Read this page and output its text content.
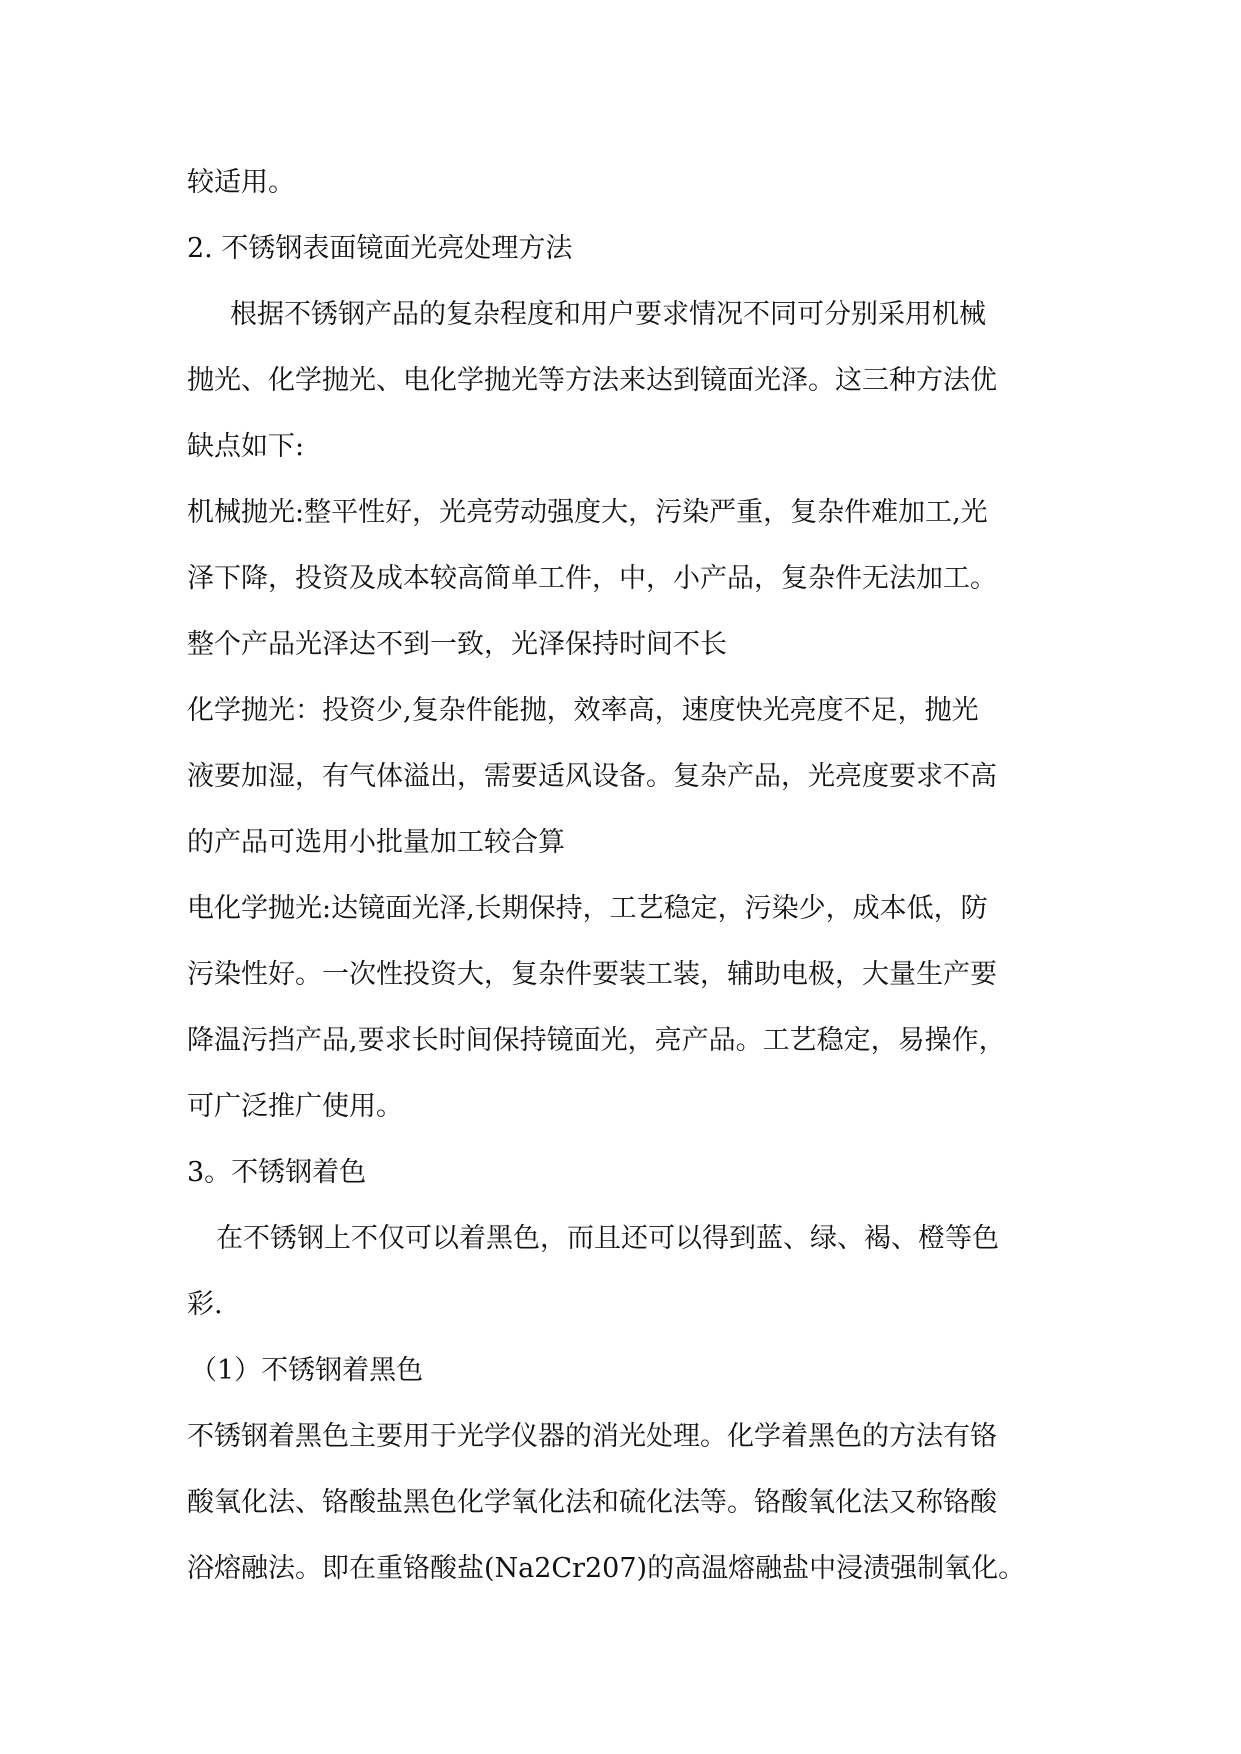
较适用。
2. 不锈钢表面镜面光亮处理方法
根据不锈钢产品的复杂程度和用户要求情况不同可分别采用机械
抛光、化学抛光、电化学抛光等方法来达到镜面光泽。这三种方法优
缺点如下:
机械抛光:整平性好，光亮劳动强度大，污染严重，复杂件难加工,光
泽下降，投资及成本较高简单工件，中，小产品，复杂件无法加工。
整个产品光泽达不到一致，光泽保持时间不长
化学抛光：投资少,复杂件能抛，效率高，速度快光亮度不足，抛光
液要加湿，有气体溢出，需要适风设备。复杂产品，光亮度要求不高
的产品可选用小批量加工较合算
电化学抛光:达镜面光泽,长期保持，工艺稳定，污染少，成本低，防
污染性好。一次性投资大，复杂件要装工装，辅助电极，大量生产要
降温污挡产品,要求长时间保持镜面光，亮产品。工艺稳定，易操作，
可广泛推广使用。
3。不锈钢着色
在不锈钢上不仅可以着黑色，而且还可以得到蓝、绿、褐、橙等色
彩.
（1）不锈钢着黑色
不锈钢着黑色主要用于光学仪器的消光处理。化学着黑色的方法有铬
酸氧化法、铬酸盐黑色化学氧化法和硫化法等。铬酸氧化法又称铬酸
浴熔融法。即在重铬酸盐(Na2Cr207)的高温熔融盐中浸渍强制氧化。
